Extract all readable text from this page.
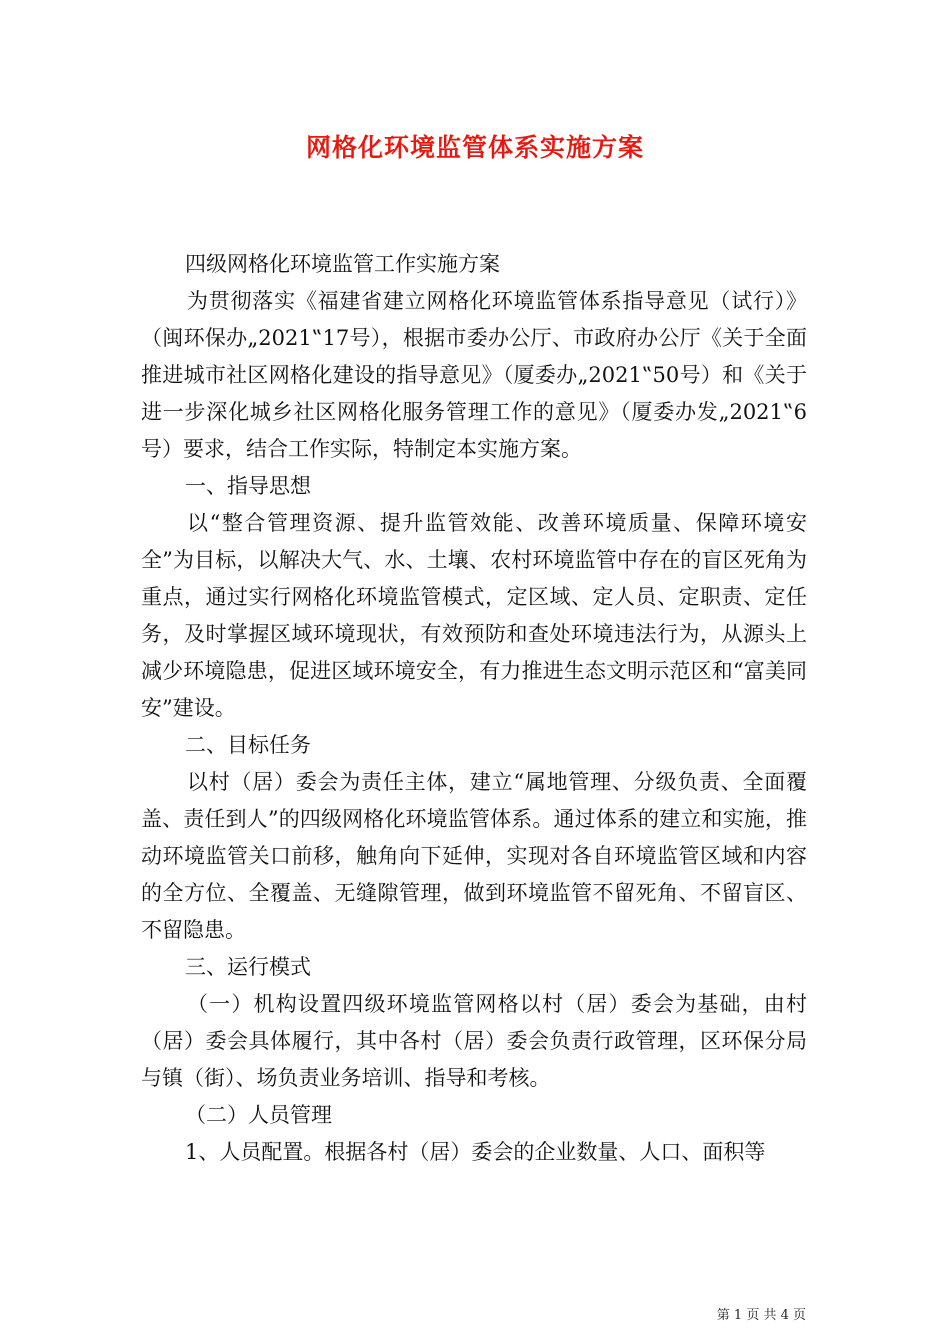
网格化环境监管体系实施方案

四级网格化环境监管工作实施方案

为贯彻落实《福建省建立网格化环境监管体系指导意见（试行）》（闽环保办„2021‟17号），根据市委办公厅、市政府办公厅《关于全面推进城市社区网格化建设的指导意见》（厦委办„2021‟50号）和《关于进一步深化城乡社区网格化服务管理工作的意见》（厦委办发„2021‟6号）要求，结合工作实际，特制定本实施方案。

一、指导思想

以“整合管理资源、提升监管效能、改善环境质量、保障环境安全”为目标，以解决大气、水、土壤、农村环境监管中存在的盲区死角为重点，通过实行网格化环境监管模式，定区域、定人员、定职责、定任务，及时掌握区域环境现状，有效预防和查处环境违法行为，从源头上减少环境隐患，促进区域环境安全，有力推进生态文明示范区和“富美同安”建设。

二、目标任务

以村（居）委会为责任主体，建立“属地管理、分级负责、全面覆盖、责任到人”的四级网格化环境监管体系。通过体系的建立和实施，推动环境监管关口前移，触角向下延伸，实现对各自环境监管区域和内容的全方位、全覆盖、无缝隙管理，做到环境监管不留死角、不留盲区、不留隐患。

三、运行模式

（一）机构设置四级环境监管网格以村（居）委会为基础，由村（居）委会具体履行，其中各村（居）委会负责行政管理，区环保分局与镇（街）、场负责业务培训、指导和考核。

（二）人员管理

1、人员配置。根据各村（居）委会的企业数量、人口、面积等

第 1 页 共 4 页
